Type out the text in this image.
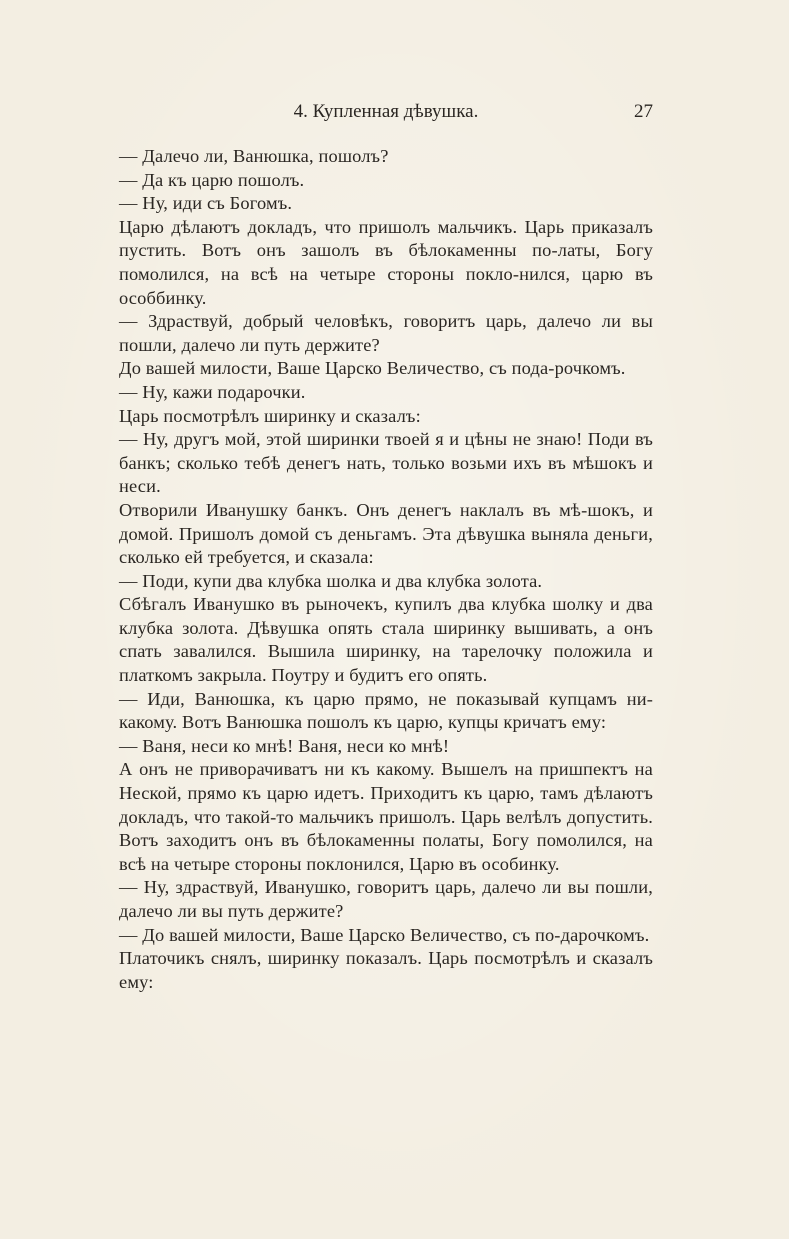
4. Купленная дѣвушка.	27

— Далечо ли, Ванюшка, пошолъ?

— Да къ царю пошолъ.

— Ну, иди съ Богомъ.

Царю дѣлаютъ докладъ, что пришолъ мальчикъ. Царь приказалъ пустить. Вотъ онъ зашолъ въ бѣлокаменны по-латы, Богу помолился, на всѣ на четыре стороны покло-нился, царю въ особбинку.

— Здраствуй, добрый человѣкъ, говоритъ царь, далечо ли вы пошли, далечо ли путь держите?

До вашей милости, Ваше Царско Величество, съ пода-рочкомъ.

— Ну, кажи подарочки.

Царь посмотрѣлъ ширинку и сказалъ:

— Ну, другъ мой, этой ширинки твоей я и цѣны не знаю! Поди въ банкъ; сколько тебѣ денегъ нать, только возьми ихъ въ мѣшокъ и неси.

Отворили Иванушку банкъ. Онъ денегъ наклалъ въ мѣ-шокъ, и домой. Пришолъ домой съ деньгамъ. Эта дѣвушка выняла деньги, сколько ей требуется, и сказала:

— Поди, купи два клубка шолка и два клубка золота.

Сбѣгалъ Иванушко въ рыночекъ, купилъ два клубка шолку и два клубка золота. Дѣвушка опять стала ширинку вышивать, а онъ спать завалился. Вышила ширинку, на тарелочку положила и платкомъ закрыла. Поутру и будитъ его опять.

— Иди, Ванюшка, къ царю прямо, не показывай купцамъ ни-какому. Вотъ Ванюшка пошолъ къ царю, купцы кричатъ ему:

— Ваня, неси ко мнѣ! Ваня, неси ко мнѣ!

А онъ не привoрачиватъ ни къ какому. Вышелъ на пришпектъ на Неской, прямо къ царю идетъ. Приходитъ къ царю, тамъ дѣлаютъ докладъ, что такой-то мальчикъ пришолъ. Царь велѣлъ допустить. Вотъ заходитъ онъ въ бѣлокаменны полаты, Богу помолился, на всѣ на четыре стороны поклонился, Царю въ особинку.

— Ну, здраствуй, Иванушко, говоритъ царь, далечо ли вы пошли, далечо ли вы путь держите?

— До вашей милости, Ваше Царско Величество, съ по-дарочкомъ.

Платочикъ снялъ, ширинку показалъ. Царь посмотрѣлъ и сказалъ ему:
